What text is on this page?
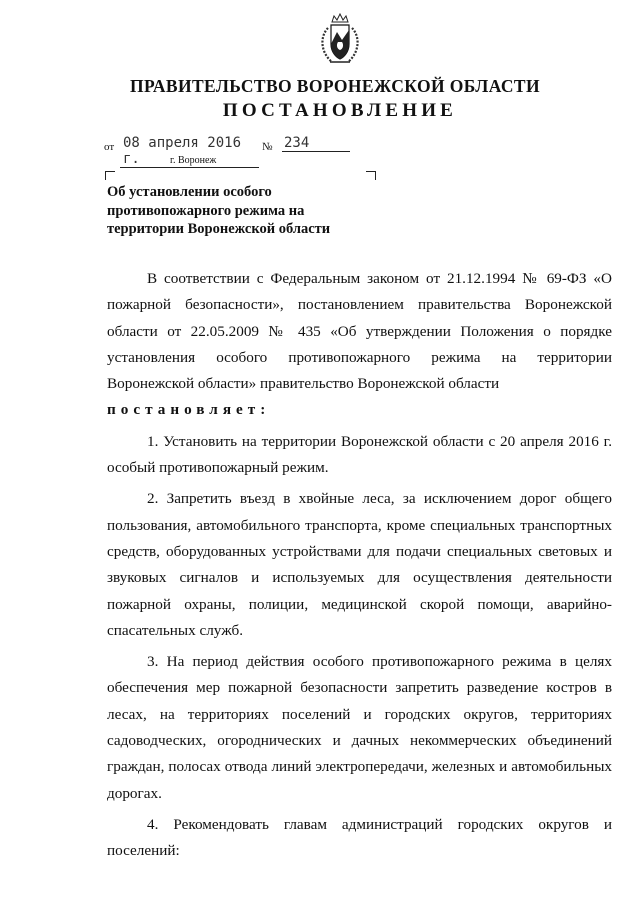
ПРАВИТЕЛЬСТВО ВОРОНЕЖСКОЙ ОБЛАСТИ
ПОСТАНОВЛЕНИЕ
от 08 апреля 2016 г.
№ 234
г. Воронеж
Об установлении особого противопожарного режима на территории Воронежской области

В соответствии с Федеральным законом от 21.12.1994 № 69-ФЗ «О пожарной безопасности», постановлением правительства Воронежской области от 22.05.2009 № 435 «Об утверждении Положения о порядке установления особого противопожарного режима на территории Воронежской области» правительство Воронежской области

постановляет:

1. Установить на территории Воронежской области с 20 апреля 2016 г. особый противопожарный режим.

2. Запретить въезд в хвойные леса, за исключением дорог общего пользования, автомобильного транспорта, кроме специальных транспортных средств, оборудованных устройствами для подачи специальных световых и звуковых сигналов и используемых для осуществления деятельности пожарной охраны, полиции, медицинской скорой помощи, аварийно-спасательных служб.

3. На период действия особого противопожарного режима в целях обеспечения мер пожарной безопасности запретить разведение костров в лесах, на территориях поселений и городских округов, территориях садоводческих, огороднических и дачных некоммерческих объединений граждан, полосах отвода линий электропередачи, железных и автомобильных дорогах.

4. Рекомендовать главам администраций городских округов и поселений:
